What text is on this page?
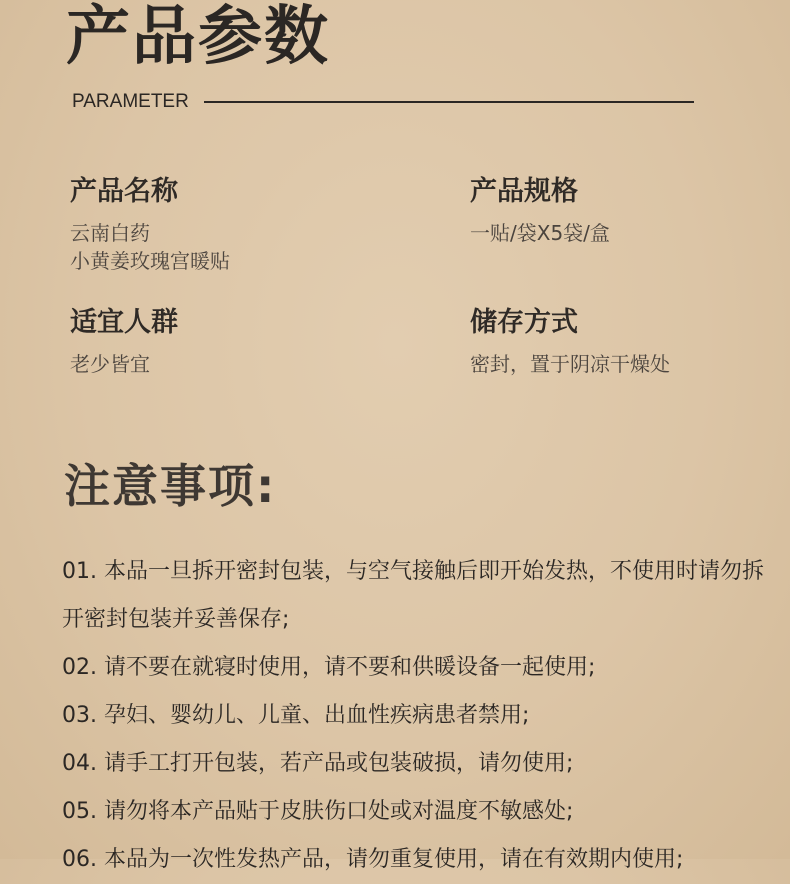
产品参数
PARAMETER
产品名称
云南白药
小黄姜玫瑰宫暖贴
产品规格
一贴/袋X5袋/盒
适宜人群
老少皆宜
储存方式
密封，置于阴凉干燥处
注意事项:
01. 本品一旦拆开密封包装，与空气接触后即开始发热，不使用时请勿拆开密封包装并妥善保存;
02. 请不要在就寝时使用，请不要和供暖设备一起使用;
03. 孕妇、婴幼儿、儿童、出血性疾病患者禁用;
04. 请手工打开包装，若产品或包装破损，请勿使用;
05. 请勿将本产品贴于皮肤伤口处或对温度不敏感处;
06. 本品为一次性发热产品，请勿重复使用，请在有效期内使用;
